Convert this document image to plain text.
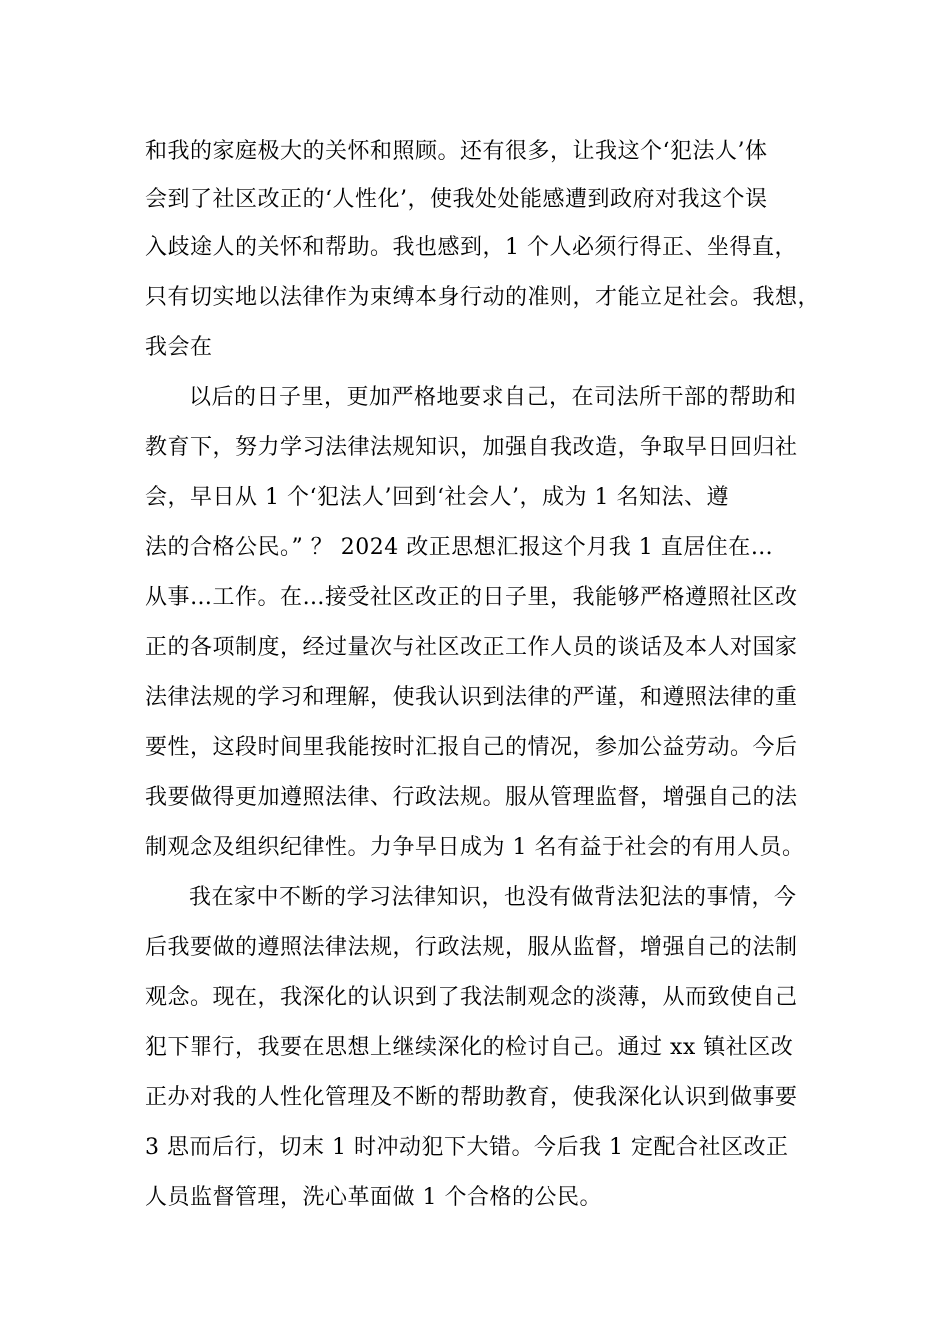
和我的家庭极大的关怀和照顾。还有很多，让我这个‘犯法人’体
会到了社区改正的‘人性化’，使我处处能感遭到政府对我这个误
入歧途人的关怀和帮助。我也感到，1 个人必须行得正、坐得直，
只有切实地以法律作为束缚本身行动的准则，才能立足社会。我想，
我会在
以后的日子里，更加严格地要求自己，在司法所干部的帮助和
教育下，努力学习法律法规知识，加强自我改造，争取早日回归社
会，早日从 1 个‘犯法人’回到‘社会人’，成为 1 名知法、遵
法的合格公民。” ？ 2024 改正思想汇报这个月我 1 直居住在…
从事…工作。在…接受社区改正的日子里，我能够严格遵照社区改
正的各项制度，经过量次与社区改正工作人员的谈话及本人对国家
法律法规的学习和理解，使我认识到法律的严谨，和遵照法律的重
要性，这段时间里我能按时汇报自己的情况，参加公益劳动。今后
我要做得更加遵照法律、行政法规。服从管理监督，增强自己的法
制观念及组织纪律性。力争早日成为 1 名有益于社会的有用人员。
我在家中不断的学习法律知识，也没有做背法犯法的事情，今
后我要做的遵照法律法规，行政法规，服从监督，增强自己的法制
观念。现在，我深化的认识到了我法制观念的淡薄，从而致使自己
犯下罪行，我要在思想上继续深化的检讨自己。通过 xx 镇社区改
正办对我的人性化管理及不断的帮助教育，使我深化认识到做事要
3 思而后行，切末 1 时冲动犯下大错。今后我 1 定配合社区改正
人员监督管理，洗心革面做 1 个合格的公民。
